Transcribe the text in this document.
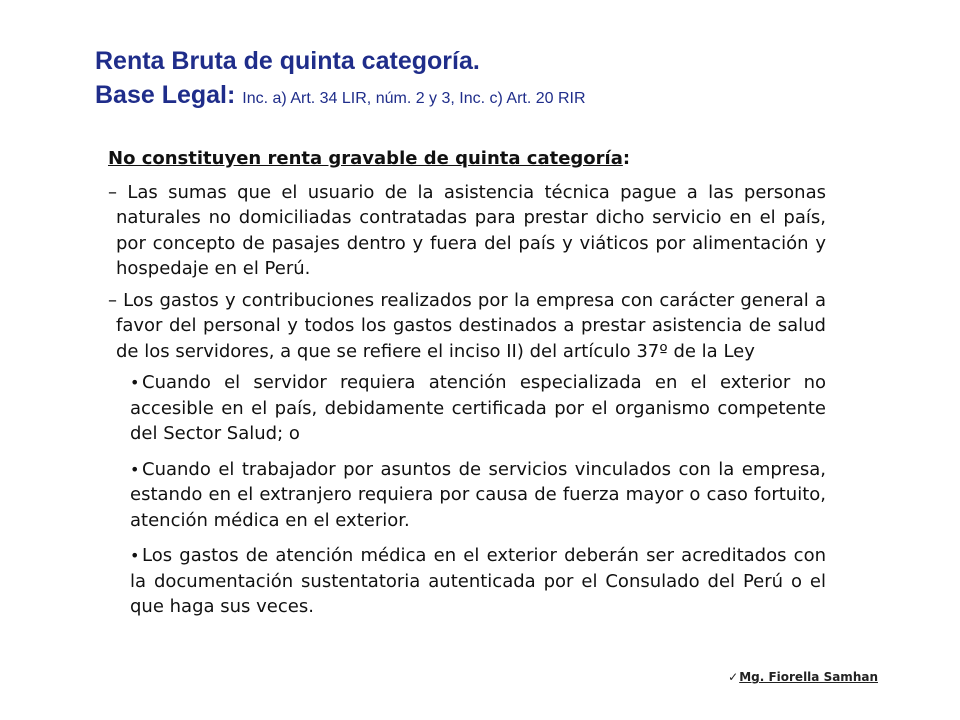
Renta Bruta de quinta categoría.
Base Legal: Inc. a) Art. 34 LIR, núm. 2 y 3, Inc. c) Art. 20 RIR
No constituyen renta gravable de quinta categoría:
– Las sumas que el usuario de la asistencia técnica pague a las personas naturales no domiciliadas contratadas para prestar dicho servicio en el país, por concepto de pasajes dentro y fuera del país y viáticos por alimentación y hospedaje en el Perú.
– Los gastos y contribuciones realizados por la empresa con carácter general a favor del personal y todos los gastos destinados a prestar asistencia de salud de los servidores, a que se refiere el inciso II) del artículo 37º de la Ley
• Cuando el servidor requiera atención especializada en el exterior no accesible en el país, debidamente certificada por el organismo competente del Sector Salud; o
• Cuando el trabajador por asuntos de servicios vinculados con la empresa, estando en el extranjero requiera por causa de fuerza mayor o caso fortuito, atención médica en el exterior.
• Los gastos de atención médica en el exterior deberán ser acreditados con la documentación sustentatoria autenticada por el Consulado del Perú o el que haga sus veces.
✓Mg. Fiorella Samhan
